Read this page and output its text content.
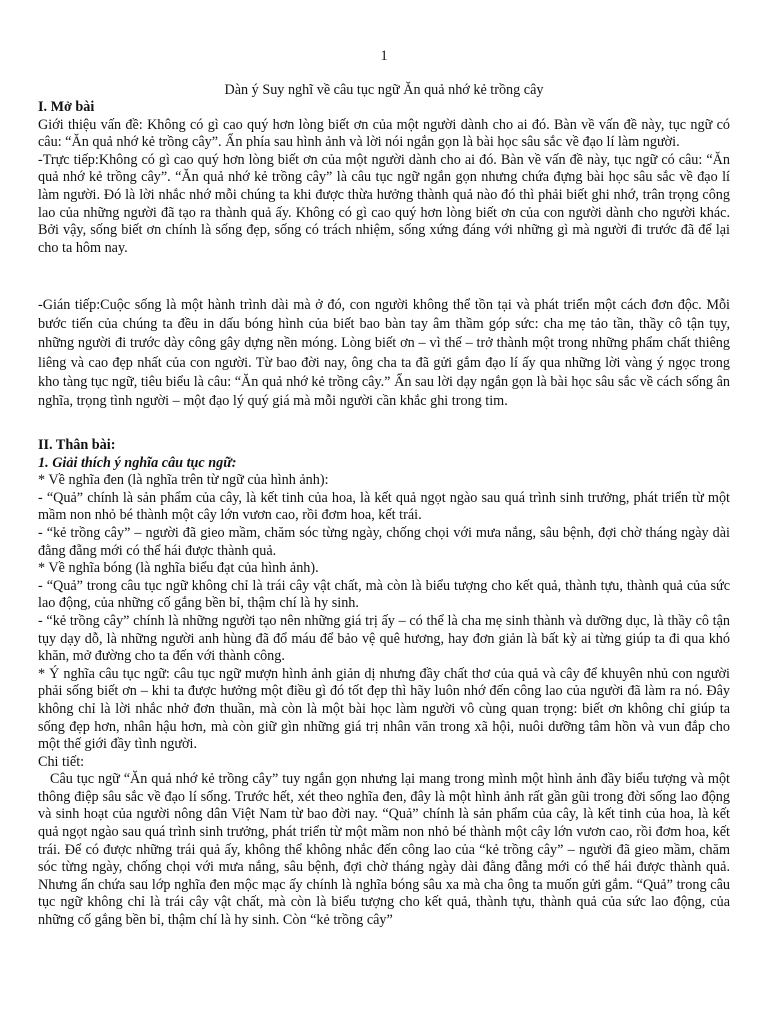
1
Dàn ý Suy nghĩ về câu tục ngữ Ăn quả nhớ kẻ trồng cây

I. Mở bài

Giới thiệu vấn đề: Không có gì cao quý hơn lòng biết ơn của một người dành cho ai đó. Bàn về vấn đề này, tục ngữ có câu: “Ăn quả nhớ kẻ trồng cây”. Ẩn phía sau hình ảnh và lời nói ngắn gọn là bài học sâu sắc về đạo lí làm người.

-Trực tiếp:Không có gì cao quý hơn lòng biết ơn của một người dành cho ai đó. Bàn về vấn đề này, tục ngữ có câu: “Ăn quả nhớ kẻ trồng cây”. “Ăn quả nhớ kẻ trồng cây” là câu tục ngữ ngắn gọn nhưng chứa đựng bài học sâu sắc về đạo lí làm người. Đó là lời nhắc nhớ mỗi chúng ta khi được thừa hưởng thành quả nào đó thì phải biết ghi nhớ, trân trọng công lao của những người đã tạo ra thành quả ấy. Không có gì cao quý hơn lòng biết ơn của con người dành cho người khác. Bởi vậy, sống biết ơn chính là sống đẹp, sống có trách nhiệm, sống xứng đáng với những gì mà người đi trước đã để lại cho ta hôm nay.

-Gián tiếp:Cuộc sống là một hành trình dài mà ở đó, con người không thể tồn tại và phát triển một cách đơn độc. Mỗi bước tiến của chúng ta đều in dấu bóng hình của biết bao bàn tay âm thầm góp sức: cha mẹ tảo tần, thầy cô tận tụy, những người đi trước dày công gây dựng nền móng. Lòng biết ơn – vì thế – trở thành một trong những phẩm chất thiêng liêng và cao đẹp nhất của con người. Từ bao đời nay, ông cha ta đã gửi gắm đạo lí ấy qua những lời vàng ý ngọc trong kho tàng tục ngữ, tiêu biểu là câu: “Ăn quả nhớ kẻ trồng cây.” Ẩn sau lời dạy ngắn gọn là bài học sâu sắc về cách sống ân nghĩa, trọng tình người – một đạo lý quý giá mà mỗi người cần khắc ghi trong tim.

II. Thân bài:

1. Giải thích ý nghĩa câu tục ngữ:

* Về nghĩa đen (là nghĩa trên từ ngữ của hình ảnh):

- “Quả” chính là sản phẩm của cây, là kết tinh của hoa, là kết quả ngọt ngào sau quá trình sinh trưởng, phát triển từ một mầm non nhỏ bé thành một cây lớn vươn cao, rồi đơm hoa, kết trái.

- “kẻ trồng cây” – người đã gieo mầm, chăm sóc từng ngày, chống chọi với mưa nắng, sâu bệnh, đợi chờ tháng ngày dài đằng đẵng mới có thể hái được thành quả.

* Về nghĩa bóng (là nghĩa biểu đạt của hình ảnh).

- “Quả” trong câu tục ngữ không chỉ là trái cây vật chất, mà còn là biểu tượng cho kết quả, thành tựu, thành quả của sức lao động, của những cố gắng bền bỉ, thậm chí là hy sinh.

- “kẻ trồng cây” chính là những người tạo nên những giá trị ấy – có thể là cha mẹ sinh thành và dưỡng dục, là thầy cô tận tụy dạy dỗ, là những người anh hùng đã đổ máu để bảo vệ quê hương, hay đơn giản là bất kỳ ai từng giúp ta đi qua khó khăn, mở đường cho ta đến với thành công.

* Ý nghĩa câu tục ngữ: câu tục ngữ mượn hình ảnh giản dị nhưng đầy chất thơ của quả và cây để khuyên nhủ con người phải sống biết ơn – khi ta được hưởng một điều gì đó tốt đẹp thì hãy luôn nhớ đến công lao của người đã làm ra nó. Đây không chỉ là lời nhắc nhở đơn thuần, mà còn là một bài học làm người vô cùng quan trọng: biết ơn không chỉ giúp ta sống đẹp hơn, nhân hậu hơn, mà còn giữ gìn những giá trị nhân văn trong xã hội, nuôi dưỡng tâm hồn và vun đắp cho một thế giới đầy tình người.

Chi tiết:

Câu tục ngữ “Ăn quả nhớ kẻ trồng cây” tuy ngắn gọn nhưng lại mang trong mình một hình ảnh đầy biểu tượng và một thông điệp sâu sắc về đạo lí sống. Trước hết, xét theo nghĩa đen, đây là một hình ảnh rất gần gũi trong đời sống lao động và sinh hoạt của người nông dân Việt Nam từ bao đời nay. “Quả” chính là sản phẩm của cây, là kết tinh của hoa, là kết quả ngọt ngào sau quá trình sinh trưởng, phát triển từ một mầm non nhỏ bé thành một cây lớn vươn cao, rồi đơm hoa, kết trái. Để có được những trái quả ấy, không thể không nhắc đến công lao của “kẻ trồng cây” – người đã gieo mầm, chăm sóc từng ngày, chống chọi với mưa nắng, sâu bệnh, đợi chờ tháng ngày dài đằng đẵng mới có thể hái được thành quả. Nhưng ẩn chứa sau lớp nghĩa đen mộc mạc ấy chính là nghĩa bóng sâu xa mà cha ông ta muốn gửi gắm. “Quả” trong câu tục ngữ không chỉ là trái cây vật chất, mà còn là biểu tượng cho kết quả, thành tựu, thành quả của sức lao động, của những cố gắng bền bỉ, thậm chí là hy sinh. Còn “kẻ trồng cây”
